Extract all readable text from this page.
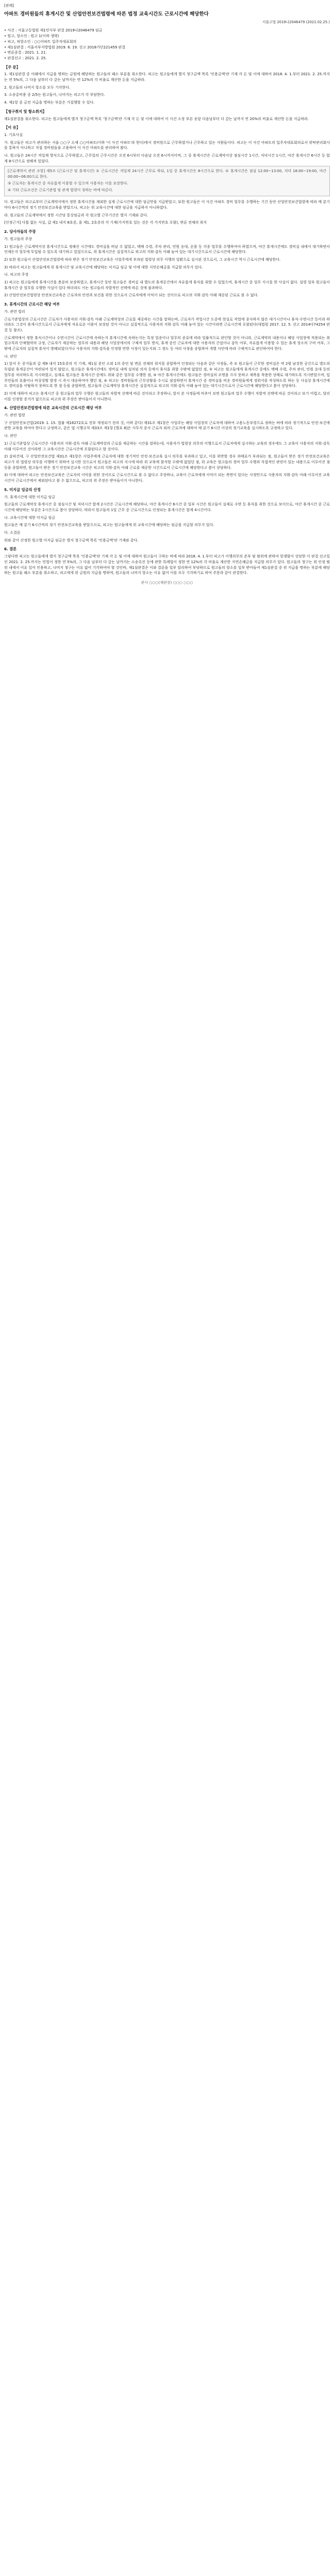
[판례]

아파트 경비원들의 휴게시간 및 산업안전보건법령에 따른 법정 교육시간도 근로시간에 해당한다
서울고법 2019나2046479 (2021.02.25.)
• 사건 : 서울고등법원 제1민사부 판결 2019나2046479 임금
• 원고, 항소인 : 원고 1(이하 생략)
• 피고, 피항소인 : ○○아파트 입주자대표회의
• 제1심판결 : 서울서부지방법원 2019. 6. 19. 선고 2018가단221459 판결
• 변론종결 : 2021. 1. 21.
• 판결선고 : 2021. 2. 25.
【주 문】

1. 제1심판결 중 아래에서 지급을 명하는 금원에 해당하는 원고들의 패소 부분을 취소한다. 피고는 원고들에게 별지 청구금액 목록 '인용금액'란 기재 각 돈 및 이에 대하여 2018. 4. 1.부터 2021. 2. 25.까지는 연 5%의, 그 다음 날부터 다 갚는 날까지는 연 12%의 각 비율로 계산한 돈을 지급하라.

2. 원고들의 나머지 항소를 모두 기각한다.

3. 소송총비용 중 2/5는 원고들이, 나머지는 피고가 각 부담한다.

4. 제1항 중 금전 지급을 명하는 부분은 가집행할 수 있다.

【청구취지 및 항소취지】

제1심판결을 취소한다. 피고는 원고들에게 별지 청구금액 목록 '청구금액'란 기재 각 돈 및 이에 대하여 이 사건 소장 부본 송달 다음날부터 다 갚는 날까지 연 20%의 비율로 계산한 돈을 지급하라.

【이 유】

1. 기초사실

가. 원고들은 피고가 관리하는 서울 ○○구 소재 ○○아파트(이하 '이 사건 아파트'라 한다)에서 경비원으로 근무하였거나 근무하고 있는 사람들이다. 피고는 이 사건 아파트의 입주자대표회의로서 위탁관리회사를 통하지 아니하고 직접 경비원들을 고용하여 이 사건 아파트를 관리하여 왔다.

나. 원고들은 24시간 격일제 방식으로 근무하였고, 근무일의 근무시간은 오전 6시부터 다음날 오전 6시까지이며, 그 중 휴게시간은 근로계약서상 점심시간 1시간, 저녁시간 1시간, 야간 휴게시간 6시간 등 합계 8시간으로 정해져 있었다.

[근로계약서 관련 조항] 제5조 (근로시간 및 휴게시간) ① 근로시간은 격일제 24시간 근무로 하되, 1일 중 휴게시간은 8시간으로 한다. ② 휴게시간은 점심 12:00~13:00, 저녁 18:00~19:00, 야간 00:00~06:00으로 한다.

③ 근로자는 휴게시간 중 자유롭게 이용할 수 있으며 사용자는 이를 보장한다.

④ 기타 근로조건은 근로기준법 및 관계 법령이 정하는 바에 따른다.

다. 원고들은 피고로부터 근로계약서에서 정한 휴게시간을 제외한 실제 근로시간에 대한 임금만을 지급받았고, 또한 원고들은 이 사건 아파트 경비 업무를 수행하는 기간 동안 산업안전보건법령에 따라 매 분기마다 6시간씩의 정기 안전보건교육을 받았으나, 피고는 위 교육시간에 대한 임금을 지급하지 아니하였다.

라. 원고들의 근로계약에서 정한 시간당 통상임금과 각 원고별 근무기간은 별지 기재와 같다.

[인정근거] 다툼 없는 사실, 갑 제1 내지 8호증, 을 제1, 2호증의 각 기재(가지번호 있는 것은 각 가지번호 포함), 변론 전체의 취지

2. 당사자들의 주장

가. 원고들의 주장

1) 원고들은 근로계약서상 휴게시간으로 정해진 시간에도 경비실을 떠날 수 없었고, 택배 수령, 주차 관리, 민원 응대, 순찰 등 각종 업무를 수행하여야 하였으며, 야간 휴게시간에도 경비실 내에서 대기하면서 언제든지 업무에 투입될 수 있도록 대기하고 있었으므로, 위 휴게시간은 실질적으로 피고의 지휘·감독 아래 놓여 있는 대기시간으로서 근로시간에 해당한다.

2) 또한 원고들이 산업안전보건법령에 따라 받은 정기 안전보건교육은 사업주에게 부과된 법령상 의무 이행의 일환으로 실시된 것으로서, 그 교육시간 역시 근로시간에 해당한다.

3) 따라서 피고는 원고들에게 위 휴게시간 및 교육시간에 해당하는 미지급 임금 및 이에 대한 지연손해금을 지급할 의무가 있다.

나. 피고의 주장

1) 피고는 원고들에게 휴게시간을 충분히 보장하였고, 휴게시간 동안 원고들은 경비실 내 별도의 휴게공간에서 자유롭게 휴식을 취할 수 있었으며, 휴게시간 중 업무 지시를 한 사실이 없다. 설령 일부 원고들이 휴게시간 중 업무를 수행한 사실이 있다 하더라도 이는 원고들의 자발적인 선택에 따른 것에 불과하다.

2) 산업안전보건법령상 안전보건교육은 근로자의 안전과 보건을 위한 것으로서 근로자에게 이익이 되는 것이므로 피고의 지휘·감독 아래 제공된 근로로 볼 수 없다.

3. 휴게시간의 근로시간 해당 여부

가. 관련 법리

근로기준법상의 근로시간은 근로자가 사용자의 지휘·감독 아래 근로계약상의 근로를 제공하는 시간을 말하는바, 근로자가 작업시간 도중에 현실로 작업에 종사하지 않은 대기시간이나 휴식·수면시간 등이라 하더라도 그것이 휴게시간으로서 근로자에게 자유로운 이용이 보장된 것이 아니고 실질적으로 사용자의 지휘·감독 아래 놓여 있는 시간이라면 근로시간에 포함된다(대법원 2017. 12. 5. 선고 2014다74254 판결 등 참조).

근로계약에서 정한 휴식시간이나 수면시간이 근로시간에 속하는지 휴게시간에 속하는지는 특정 업종이나 업무의 종류에 따라 일률적으로 판단할 것이 아니라, 근로계약의 내용이나 해당 사업장에 적용되는 취업규칙과 단체협약의 규정, 근로자가 제공하는 업무의 내용과 해당 사업장에서의 구체적 업무 방식, 휴게 중인 근로자에 대한 사용자의 간섭이나 감독 여부, 자유롭게 이용할 수 있는 휴게 장소의 구비 여부, 그 밖에 근로자의 실질적 휴식이 방해되었다거나 사용자의 지휘·감독을 인정할 만한 사정이 있는지와 그 정도 등 여러 사정을 종합하여 개별 사안에 따라 구체적으로 판단하여야 한다.

나. 판단

1) 앞서 든 증거들과 갑 제9 내지 15호증의 각 기재, 제1심 증인 소외 1의 증언 및 변론 전체의 취지를 종합하여 인정되는 다음과 같은 사정들, 즉 ① 원고들이 근무한 경비실은 약 2평 남짓한 공간으로 별도의 독립된 휴게공간이 마련되어 있지 않았고, 원고들은 휴게시간에도 경비실 내에 설치된 의자 등에서 휴식을 취할 수밖에 없었던 점, ② 피고는 원고들에게 휴게시간 중에도 택배 수령, 주차 관리, 민원 응대 등의 업무를 처리하도록 지시하였고, 실제로 원고들은 휴게시간 중에도 위와 같은 업무를 수행한 점, ③ 야간 휴게시간에도 원고들은 경비실의 조명을 끄지 못하고 제복을 착용한 상태로 대기하도록 지시받았으며, 입주민들의 호출이나 비상상황 발생 시 즉시 대응하여야 했던 점, ④ 피고는 경비원들의 근무상황을 수시로 점검하면서 휴게시간 중 경비실을 비운 경비원들에게 경위서를 작성하도록 하는 등 사실상 휴게시간에도 경비실을 이탈하지 못하도록 한 점 등을 종합하면, 원고들의 근로계약상 휴게시간은 실질적으로 피고의 지휘·감독 아래 놓여 있는 대기시간으로서 근로시간에 해당한다고 봄이 상당하다.

2) 이에 대하여 피고는 휴게시간 중 원고들의 업무 수행은 원고들의 자발적 선택에 따른 것이라고 주장하나, 앞서 본 사정들에 비추어 보면 원고들의 업무 수행이 자발적 선택에 따른 것이라고 보기 어렵고, 달리 이를 인정할 증거가 없으므로 피고의 위 주장은 받아들이지 아니한다.

4. 산업안전보건법령에 따른 교육시간의 근로시간 해당 여부

가. 관련 법령

구 산업안전보건법(2019. 1. 15. 법률 제16272호로 전부 개정되기 전의 것, 이하 같다) 제31조 제1항은 사업주는 해당 사업장의 근로자에 대하여 고용노동부령으로 정하는 바에 따라 정기적으로 안전·보건에 관한 교육을 하여야 한다고 규정하고, 같은 법 시행규칙 제33조 제1항 [별표 8]은 사무직 종사 근로자 외의 근로자에 대하여 매 분기 6시간 이상의 정기교육을 실시하도록 규정하고 있다.

나. 판단

1) 근로기준법상 근로시간은 사용자의 지휘·감독 아래 근로계약상의 근로를 제공하는 시간을 말하는데, 사용자가 법령상 의무의 이행으로서 근로자에게 실시하는 교육의 경우에도 그 교육이 사용자의 지휘·감독 아래 이루어진 것이라면 그 교육시간은 근로시간에 포함된다고 할 것이다.

2) 살피건대, 구 산업안전보건법 제31조 제1항은 사업주에게 근로자에 대한 정기적인 안전·보건교육 실시 의무를 부과하고 있고, 이를 위반할 경우 과태료가 부과되는 점, 원고들이 받은 정기 안전보건교육은 피고가 위 법령상 의무를 이행하기 위하여 실시한 것으로서 원고들은 피고의 지시에 따라 위 교육에 참석할 수밖에 없었던 점, 위 교육은 원고들의 경비 업무 수행과 직접적인 관련이 있는 내용으로 이루어진 점 등을 종합하면, 원고들이 받은 정기 안전보건교육 시간은 피고의 지휘·감독 아래 근로를 제공한 시간으로서 근로시간에 해당한다고 봄이 상당하다.

3) 이에 대하여 피고는 안전보건교육은 근로자의 이익을 위한 것이므로 근로시간으로 볼 수 없다고 주장하나, 교육이 근로자에게 이익이 되는 측면이 있다는 사정만으로 사용자의 지휘·감독 아래 이루어진 교육시간이 근로시간에서 제외된다고 볼 수 없으므로, 피고의 위 주장은 받아들이지 아니한다.

5. 미지급 임금의 산정

가. 휴게시간에 대한 미지급 임금

원고들의 근로계약상 휴게시간 중 점심시간 및 저녁시간 합계 2시간은 근로시간에 해당하나, 야간 휴게시간 6시간 중 일부 시간은 원고들이 실제로 수면 등 휴식을 취한 것으로 보이므로, 야간 휴게시간 중 근로시간에 해당하는 부분은 2시간으로 봄이 상당하다. 따라서 원고들의 1일 근무 중 근로시간으로 인정되는 휴게시간은 합계 4시간이다.

나. 교육시간에 대한 미지급 임금

원고들은 매 분기 6시간씩의 정기 안전보건교육을 받았으므로, 피고는 원고들에게 위 교육시간에 해당하는 임금을 지급할 의무가 있다.

다. 소결론

위와 같이 산정한 원고별 미지급 임금은 별지 청구금액 목록 '인용금액'란 기재와 같다.

6. 결론

그렇다면 피고는 원고들에게 별지 청구금액 목록 '인용금액'란 기재 각 돈 및 이에 대하여 원고들이 구하는 바에 따라 2018. 4. 1.부터 피고가 이행의무의 존부 및 범위에 관하여 항쟁함이 상당한 이 판결 선고일인 2021. 2. 25.까지는 민법이 정한 연 5%의, 그 다음 날부터 다 갚는 날까지는 소송촉진 등에 관한 특례법이 정한 연 12%의 각 비율로 계산한 지연손해금을 지급할 의무가 있다. 원고들의 청구는 위 인정 범위 내에서 이유 있어 인용하고, 나머지 청구는 이유 없어 기각하여야 할 것인바, 제1심판결은 이와 결론을 일부 달리하여 부당하므로 원고들의 항소를 일부 받아들여 제1심판결 중 위 지급을 명하는 부분에 해당하는 원고들 패소 부분을 취소하고, 피고에게 위 금원의 지급을 명하며, 원고들의 나머지 항소는 이유 없어 이를 모두 기각하기로 하여 주문과 같이 판결한다.

판사 ○○○(재판장) ○○○ ○○○
